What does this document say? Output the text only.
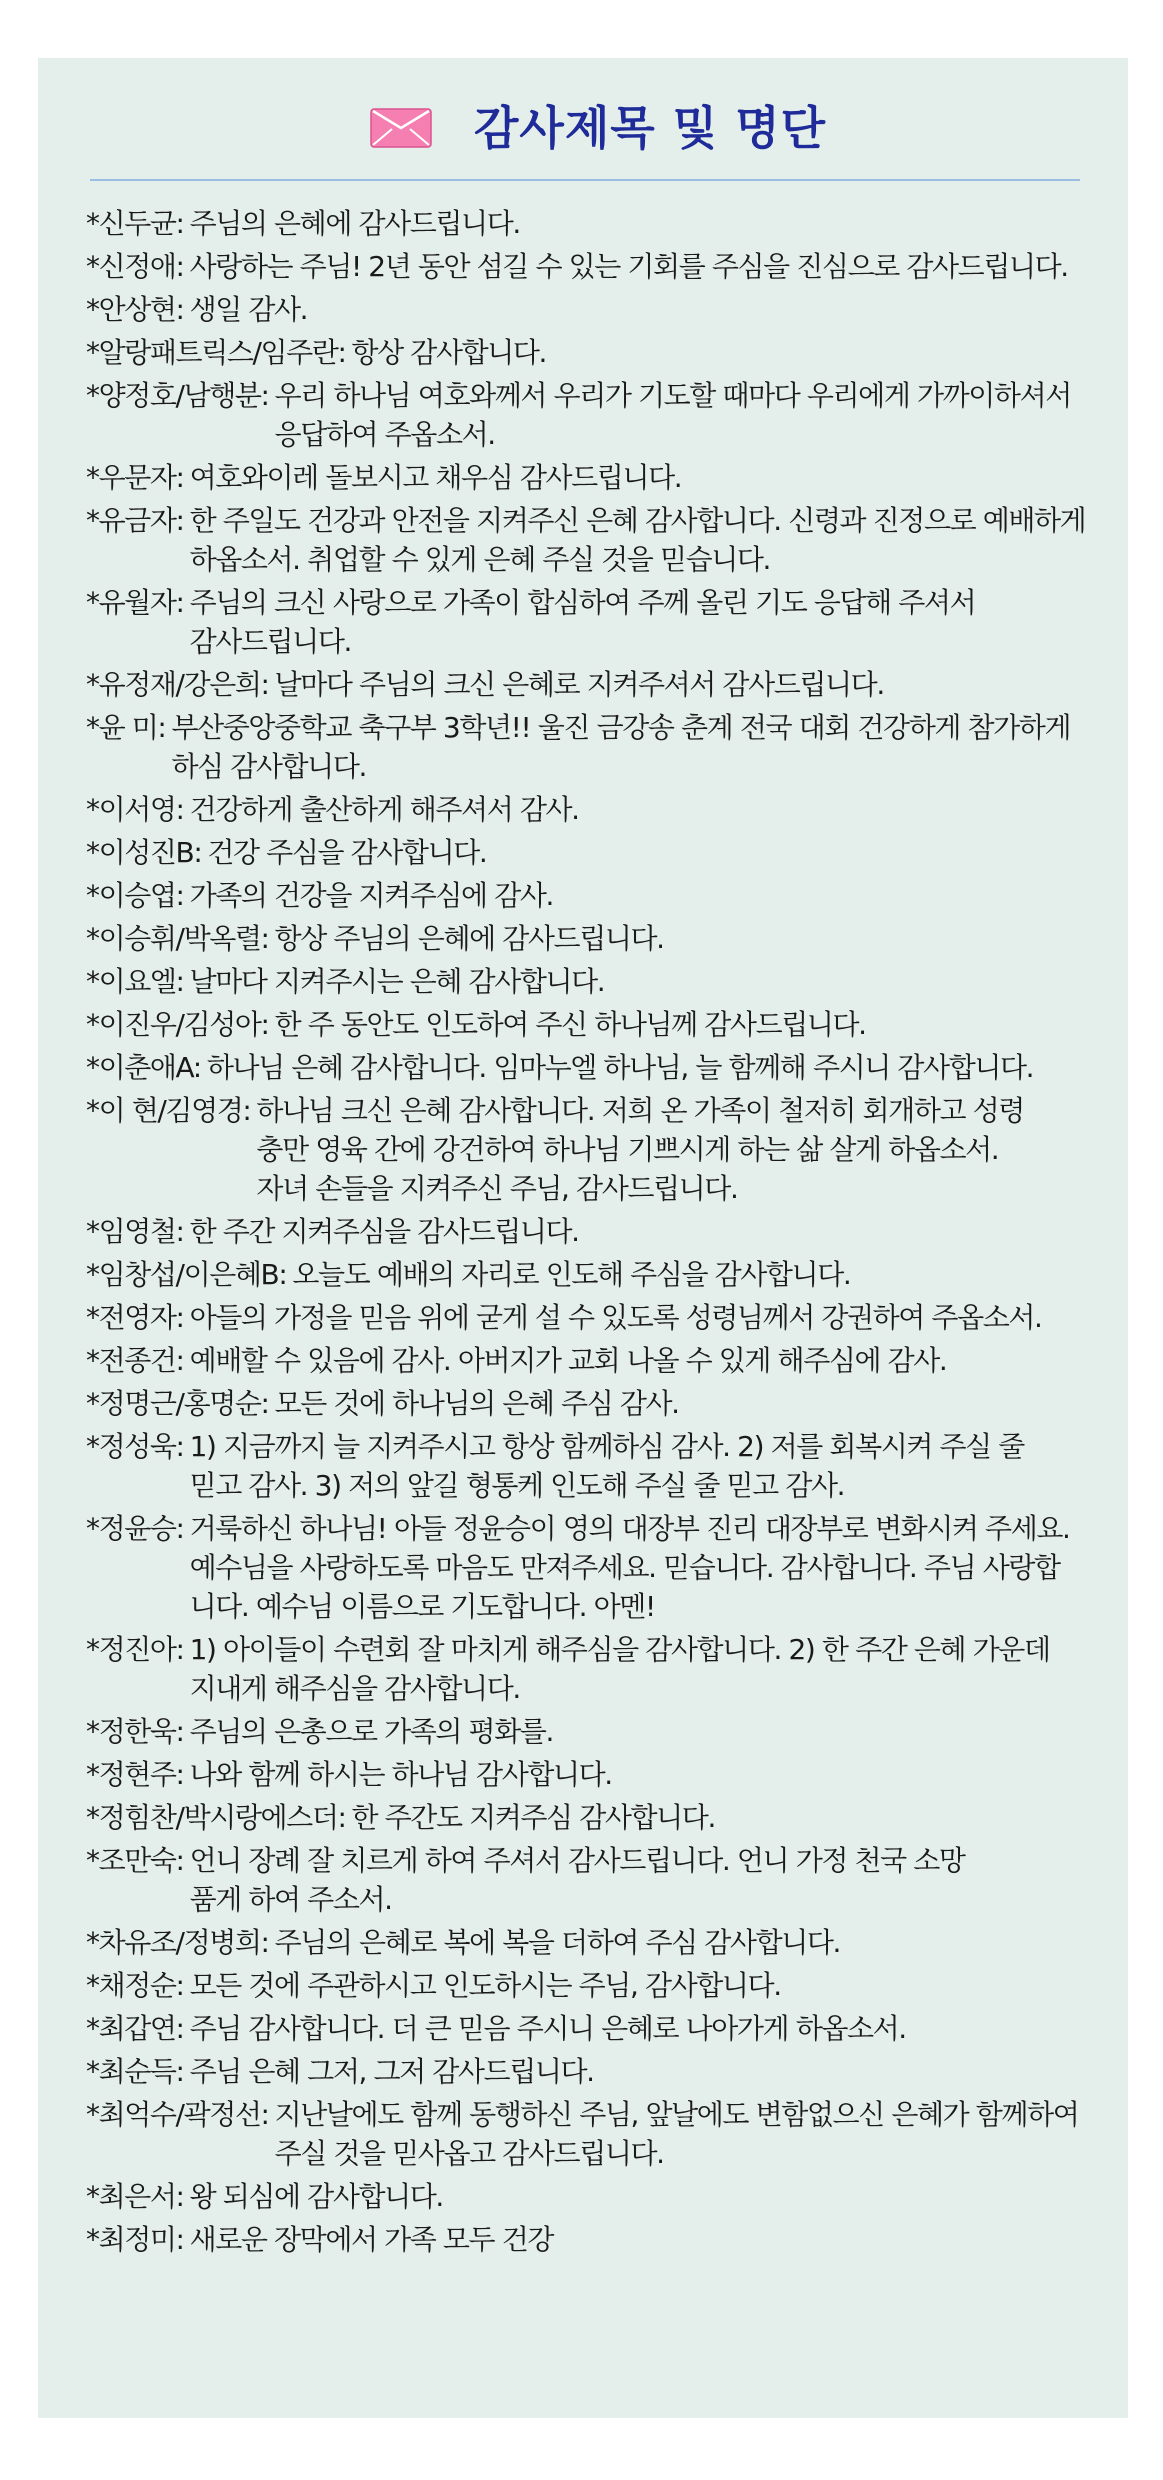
감사제목 및 명단
*신두균: 주님의 은혜에 감사드립니다.
*신정애: 사랑하는 주님! 2년 동안 섬길 수 있는 기회를 주심을 진심으로 감사드립니다.
*안상현: 생일 감사.
*알랑패트릭스/임주란: 항상 감사합니다.
*양정호/남행분: 우리 하나님 여호와께서 우리가 기도할 때마다 우리에게 가까이하셔서
응답하여 주옵소서.
*우문자: 여호와이레 돌보시고 채우심 감사드립니다.
*유금자: 한 주일도 건강과 안전을 지켜주신 은혜 감사합니다. 신령과 진정으로 예배하게
하옵소서. 취업할 수 있게 은혜 주실 것을 믿습니다.
*유월자: 주님의 크신 사랑으로 가족이 합심하여 주께 올린 기도 응답해 주셔서
감사드립니다.
*유정재/강은희: 날마다 주님의 크신 은혜로 지켜주셔서 감사드립니다.
*윤 미: 부산중앙중학교 축구부 3학년!! 울진 금강송 춘계 전국 대회 건강하게 참가하게
하심 감사합니다.
*이서영: 건강하게 출산하게 해주셔서 감사.
*이성진B: 건강 주심을 감사합니다.
*이승엽: 가족의 건강을 지켜주심에 감사.
*이승휘/박옥렬: 항상 주님의 은혜에 감사드립니다.
*이요엘: 날마다 지켜주시는 은혜 감사합니다.
*이진우/김성아: 한 주 동안도 인도하여 주신 하나님께 감사드립니다.
*이춘애A: 하나님 은혜 감사합니다. 임마누엘 하나님, 늘 함께해 주시니 감사합니다.
*이 현/김영경: 하나님 크신 은혜 감사합니다. 저희 온 가족이 철저히 회개하고 성령
충만 영육 간에 강건하여 하나님 기쁘시게 하는 삶 살게 하옵소서.
자녀 손들을 지켜주신 주님, 감사드립니다.
*임영철: 한 주간 지켜주심을 감사드립니다.
*임창섭/이은혜B: 오늘도 예배의 자리로 인도해 주심을 감사합니다.
*전영자: 아들의 가정을 믿음 위에 굳게 설 수 있도록 성령님께서 강권하여 주옵소서.
*전종건: 예배할 수 있음에 감사. 아버지가 교회 나올 수 있게 해주심에 감사.
*정명근/홍명순: 모든 것에 하나님의 은혜 주심 감사.
*정성욱: 1) 지금까지 늘 지켜주시고 항상 함께하심 감사. 2) 저를 회복시켜 주실 줄
믿고 감사. 3) 저의 앞길 형통케 인도해 주실 줄 믿고 감사.
*정윤승: 거룩하신 하나님! 아들 정윤승이 영의 대장부 진리 대장부로 변화시켜 주세요.
예수님을 사랑하도록 마음도 만져주세요. 믿습니다. 감사합니다. 주님 사랑합
니다. 예수님 이름으로 기도합니다. 아멘!
*정진아: 1) 아이들이 수련회 잘 마치게 해주심을 감사합니다. 2) 한 주간 은혜 가운데
지내게 해주심을 감사합니다.
*정한욱: 주님의 은총으로 가족의 평화를.
*정현주: 나와 함께 하시는 하나님 감사합니다.
*정힘찬/박시랑에스더: 한 주간도 지켜주심 감사합니다.
*조만숙: 언니 장례 잘 치르게 하여 주셔서 감사드립니다. 언니 가정 천국 소망
품게 하여 주소서.
*차유조/정병희: 주님의 은혜로 복에 복을 더하여 주심 감사합니다.
*채정순: 모든 것에 주관하시고 인도하시는 주님, 감사합니다.
*최갑연: 주님 감사합니다. 더 큰 믿음 주시니 은혜로 나아가게 하옵소서.
*최순득: 주님 은혜 그저, 그저 감사드립니다.
*최억수/곽정선: 지난날에도 함께 동행하신 주님, 앞날에도 변함없으신 은혜가 함께하여
주실 것을 믿사옵고 감사드립니다.
*최은서: 왕 되심에 감사합니다.
*최정미: 새로운 장막에서 가족 모두 건강
